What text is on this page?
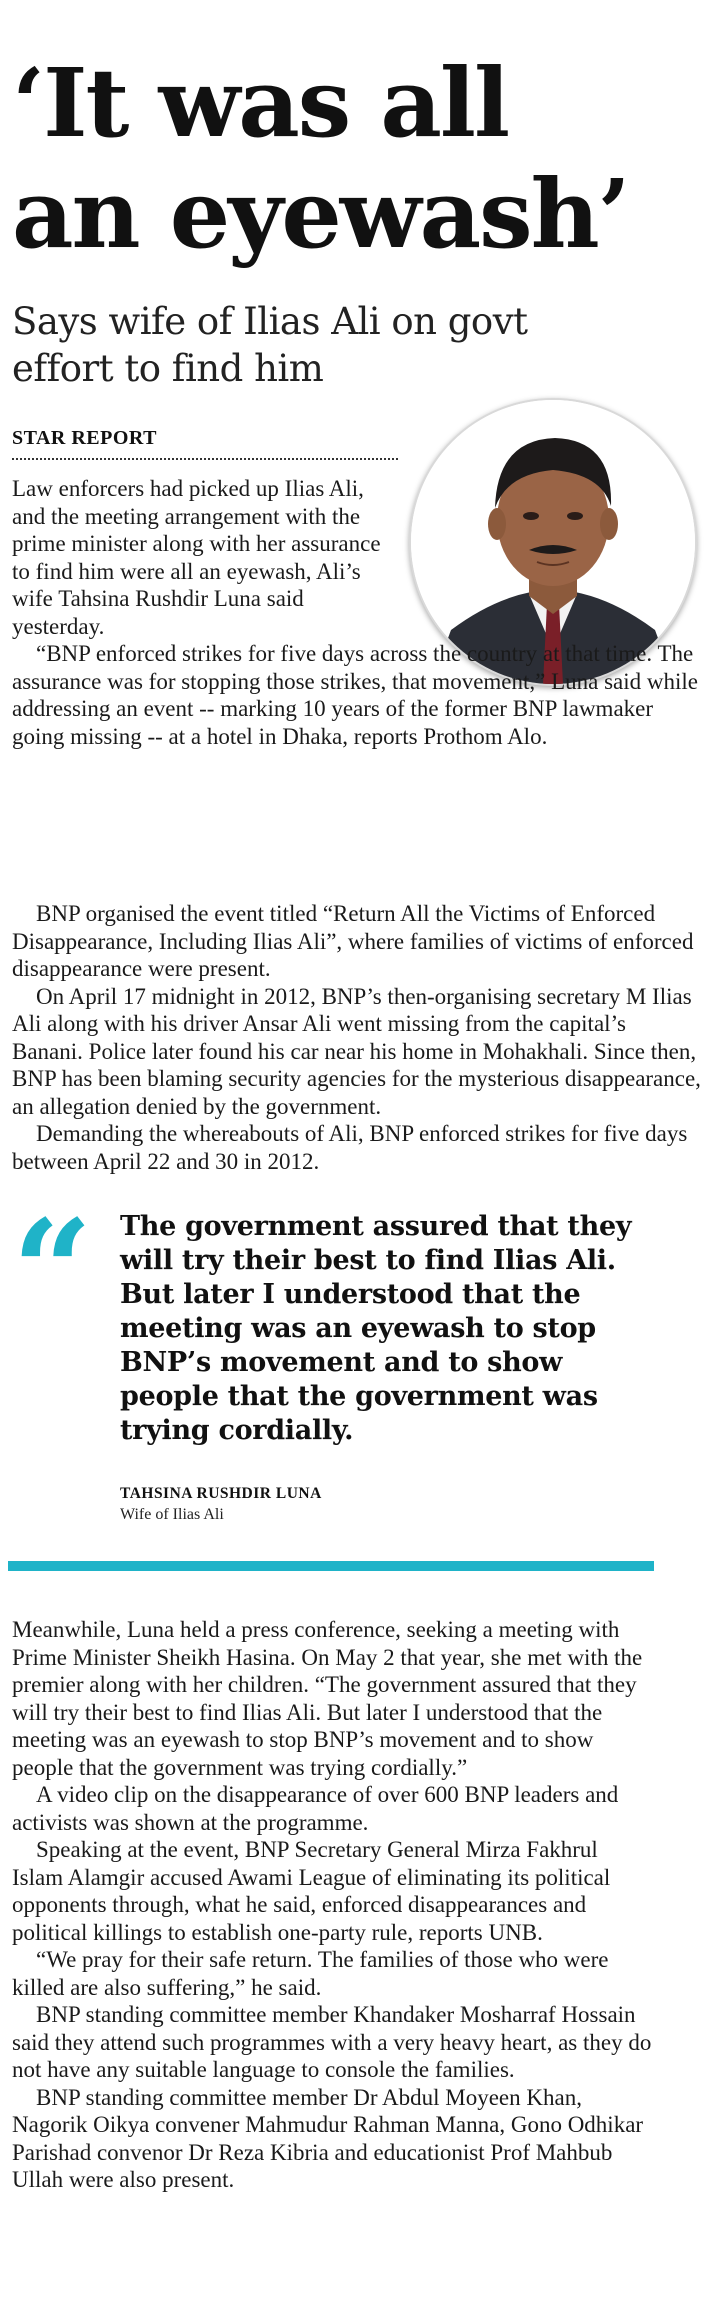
‘It was all
an eyewash’
Says wife of Ilias Ali on govt effort to find him
STAR REPORT

Law enforcers had picked up Ilias Ali, and the meeting arrangement with the prime minister along with her assurance to find him were all an eyewash, Ali’s wife Tahsina Rushdir Luna said yesterday.

“BNP enforced strikes for five days across the country at that time. The assurance was for stopping those strikes, that movement,” Luna said while addressing an event -- marking 10 years of the former BNP lawmaker going missing -- at a hotel in Dhaka, reports Prothom Alo.

BNP organised the event titled “Return All the Victims of Enforced Disappearance, Including Ilias Ali”, where families of victims of enforced disappearance were present.

On April 17 midnight in 2012, BNP’s then-organising secretary M Ilias Ali along with his driver Ansar Ali went missing from the capital’s Banani. Police later found his car near his home in Mohakhali. Since then, BNP has been blaming security agencies for the mysterious disappearance, an allegation denied by the government.

Demanding the whereabouts of Ali, BNP enforced strikes for five days between April 22 and 30 in 2012.

“ The government assured that they will try their best to find Ilias Ali. But later I understood that the meeting was an eyewash to stop BNP’s movement and to show people that the government was trying cordially.
TAHSINA RUSHDIR LUNA
Wife of Ilias Ali

Meanwhile, Luna held a press conference, seeking a meeting with Prime Minister Sheikh Hasina. On May 2 that year, she met with the premier along with her children. “The government assured that they will try their best to find Ilias Ali. But later I understood that the meeting was an eyewash to stop BNP’s movement and to show people that the government was trying cordially.”

A video clip on the disappearance of over 600 BNP leaders and activists was shown at the programme.

Speaking at the event, BNP Secretary General Mirza Fakhrul Islam Alamgir accused Awami League of eliminating its political opponents through, what he said, enforced disappearances and political killings to establish one-party rule, reports UNB.

“We pray for their safe return. The families of those who were killed are also suffering,” he said.

BNP standing committee member Khandaker Mosharraf Hossain said they attend such programmes with a very heavy heart, as they do not have any suitable language to console the families.

BNP standing committee member Dr Abdul Moyeen Khan, Nagorik Oikya convener Mahmudur Rahman Manna, Gono Odhikar Parishad convenor Dr Reza Kibria and educationist Prof Mahbub Ullah were also present.
